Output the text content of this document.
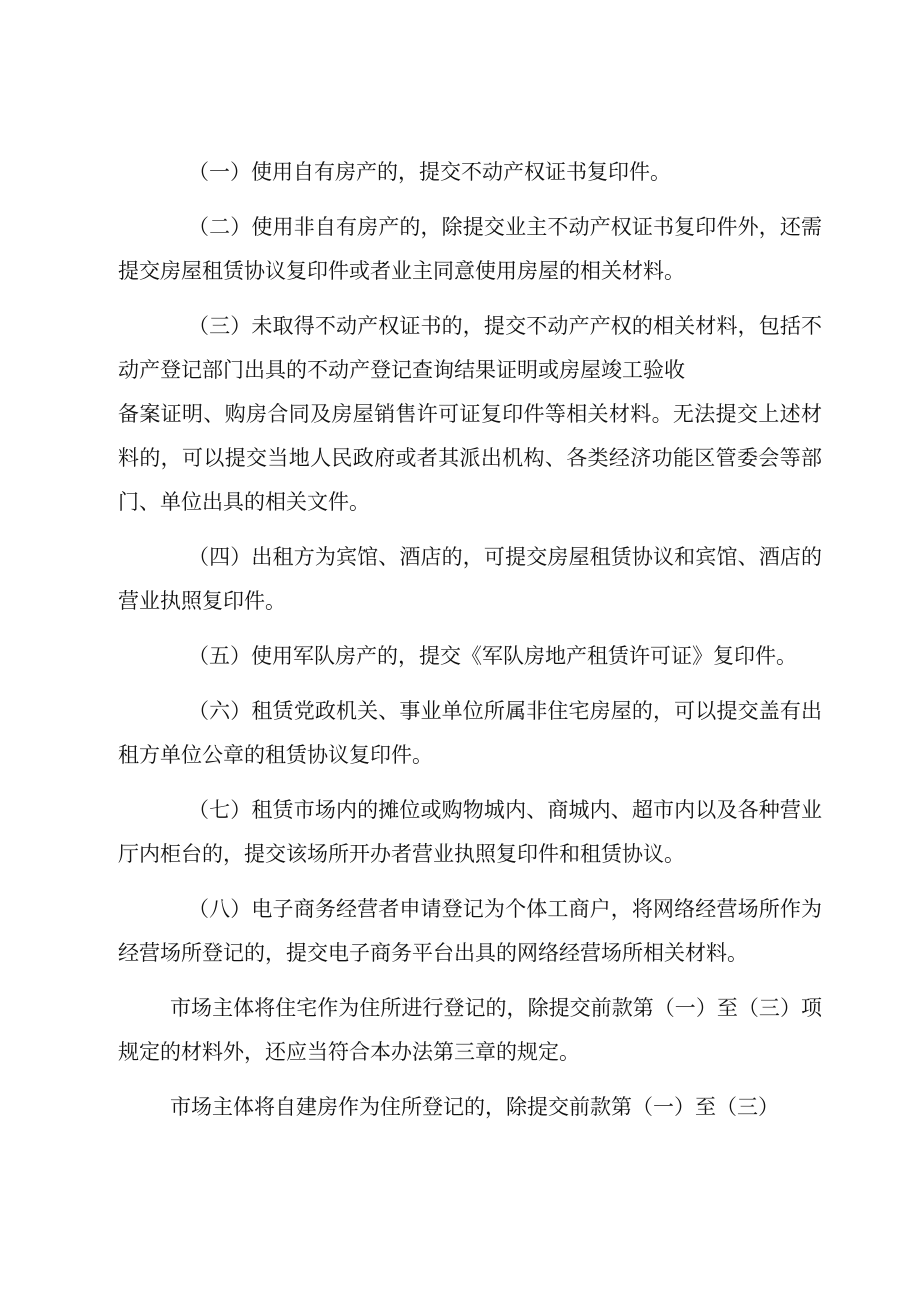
（一）使用自有房产的，提交不动产权证书复印件。

（二）使用非自有房产的，除提交业主不动产权证书复印件外，还需提交房屋租赁协议复印件或者业主同意使用房屋的相关材料。

（三）未取得不动产权证书的，提交不动产产权的相关材料，包括不动产登记部门出具的不动产登记查询结果证明或房屋竣工验收
备案证明、购房合同及房屋销售许可证复印件等相关材料。无法提交上述材料的，可以提交当地人民政府或者其派出机构、各类经济功能区管委会等部门、单位出具的相关文件。

（四）出租方为宾馆、酒店的，可提交房屋租赁协议和宾馆、酒店的营业执照复印件。

（五）使用军队房产的，提交《军队房地产租赁许可证》复印件。

（六）租赁党政机关、事业单位所属非住宅房屋的，可以提交盖有出租方单位公章的租赁协议复印件。

（七）租赁市场内的摊位或购物城内、商城内、超市内以及各种营业厅内柜台的，提交该场所开办者营业执照复印件和租赁协议。

（八）电子商务经营者申请登记为个体工商户，将网络经营场所作为经营场所登记的，提交电子商务平台出具的网络经营场所相关材料。

市场主体将住宅作为住所进行登记的，除提交前款第（一）至（三）项规定的材料外，还应当符合本办法第三章的规定。

市场主体将自建房作为住所登记的，除提交前款第（一）至（三）
